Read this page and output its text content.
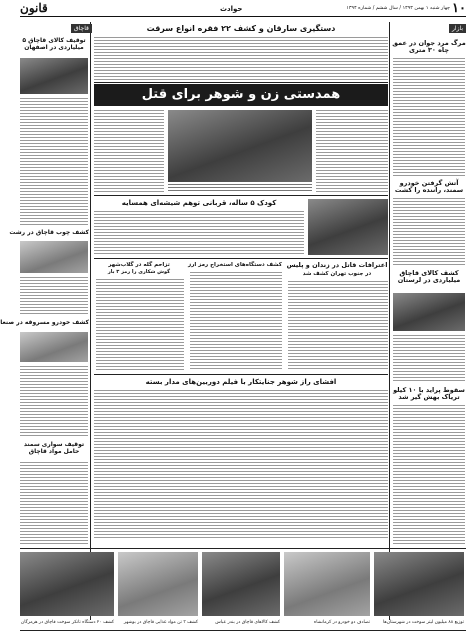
۱۰
چهار شنبه ۱ بهمن ۱۳۹۳ / سال ششم / شماره ۱۳۹۴
حوادث
ﻗﺎﻧﻮﻥ
بازار
مرگ مرد جوان در عمق چاه ۳۰ متری
آتش گرفتن خودرو سمند، راننده را کشت
کشف کالای قاچاق میلیاردی در لرستان
سقوط پراید با ۱۰ کیلو تریاک بهش گیر شد
قاچاق
توقیف کالای قاچاق ۵ میلیاردی در اصفهان
کشف چوب قاچاق در رشت
کشف خودرو مسروقه در صنعا
توقیف سواری سمند حامل مواد قاچاق
دستگیری سارقان و کشف ۲۲ فقره انواع سرقت
همدستی زن و شوهر برای قتل
کودک ۵ ساله، قربانی توهم شیشه‌ای همسایه
اعترافات قاتل در زندان و پلیس
در جنوب تهران کشف شد
کشف دستگاه‌های استخراج رمز ارز
تزاحم گله در گلاب‌شهر
گوش شکاری را رمز ۳ بار
افشای راز شوهر جنایتکار با فیلم دوربین‌های مدار بسته
کشف ۲۰ دستگاه تانکر سوخت قاچاق در هرمزگان	کشف ۳ تن مواد غذایی قاچاق در بوشهر	کشف کالاهای قاچاق در بندر عباس	تصادف دو خودرو در کرمانشاه	توزیع ۸۸ میلیون لیتر سوخت در شهرستان‌ها
